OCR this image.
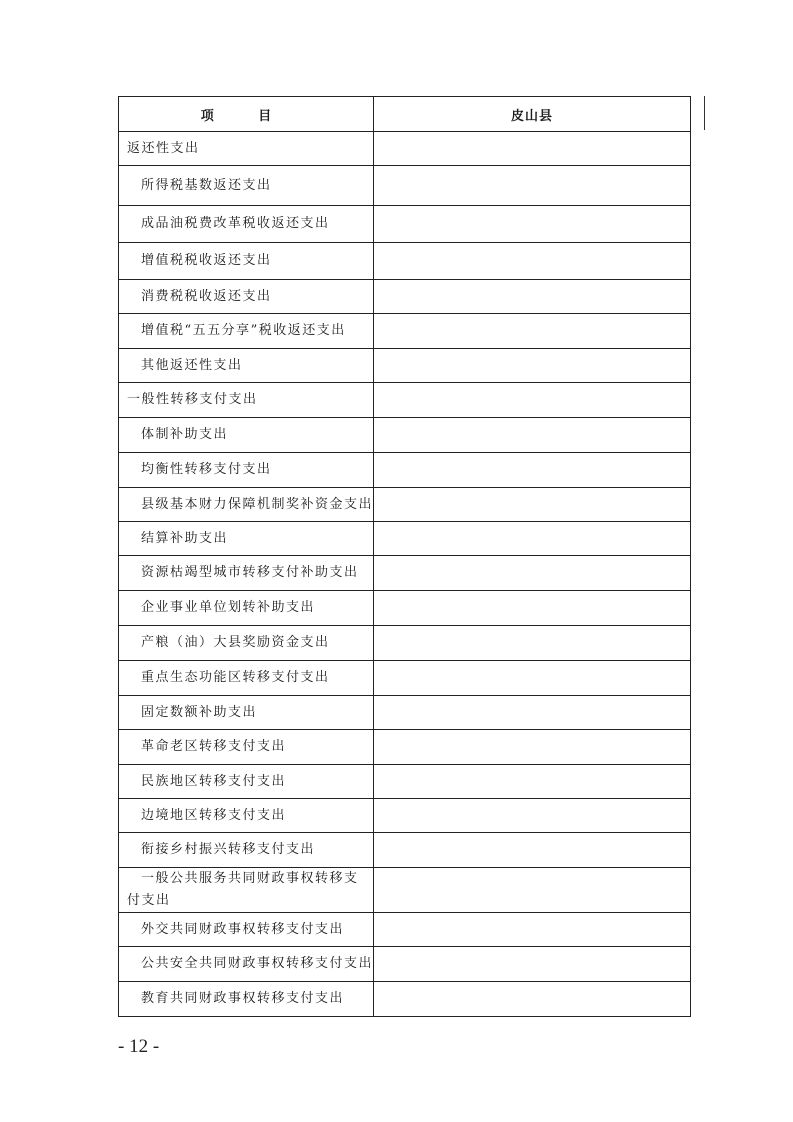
项 目	皮山县
返还性支出	
所得税基数返还支出	
成品油税费改革税收返还支出	
增值税税收返还支出	
消费税税收返还支出	
增值税“五五分享”税收返还支出	
其他返还性支出	
一般性转移支付支出	
体制补助支出	
均衡性转移支付支出	
县级基本财力保障机制奖补资金支出	
结算补助支出	
资源枯竭型城市转移支付补助支出	
企业事业单位划转补助支出	
产粮（油）大县奖励资金支出	
重点生态功能区转移支付支出	
固定数额补助支出	
革命老区转移支付支出	
民族地区转移支付支出	
边境地区转移支付支出	
衔接乡村振兴转移支付支出	
一般公共服务共同财政事权转移支付支出	
外交共同财政事权转移支付支出	
公共安全共同财政事权转移支付支出	
教育共同财政事权转移支付支出	
- 12 -
